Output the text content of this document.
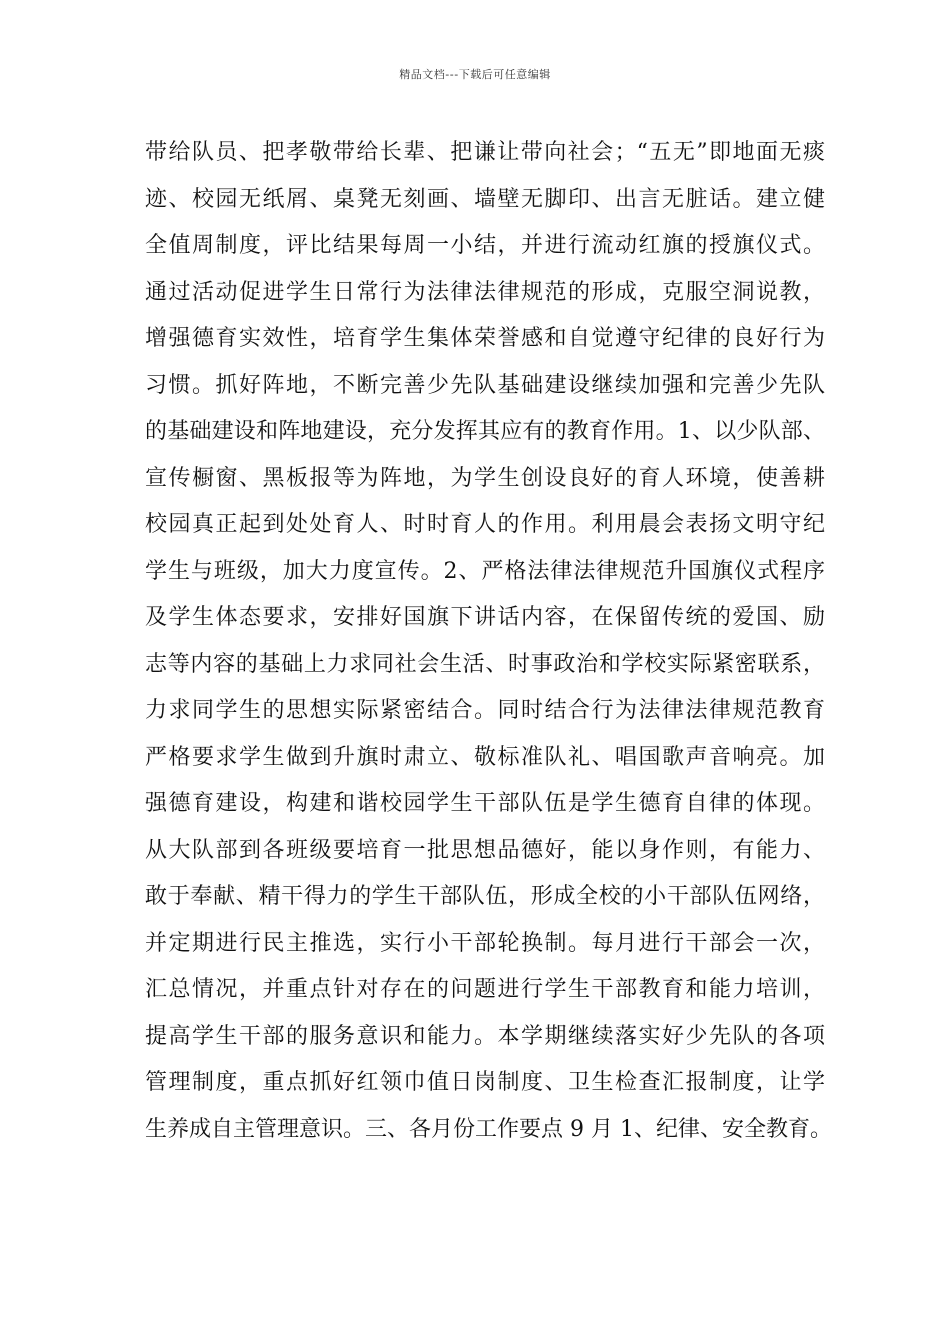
精品文档---下载后可任意编辑
带给队员、把孝敬带给长辈、把谦让带向社会；“五无”即地面无痰
迹、校园无纸屑、桌凳无刻画、墙壁无脚印、出言无脏话。建立健
全值周制度，评比结果每周一小结，并进行流动红旗的授旗仪式。
通过活动促进学生日常行为法律法律规范的形成，克服空洞说教，
增强德育实效性，培育学生集体荣誉感和自觉遵守纪律的良好行为
习惯。抓好阵地，不断完善少先队基础建设继续加强和完善少先队
的基础建设和阵地建设，充分发挥其应有的教育作用。1、以少队部、
宣传橱窗、黑板报等为阵地，为学生创设良好的育人环境，使善耕
校园真正起到处处育人、时时育人的作用。利用晨会表扬文明守纪
学生与班级，加大力度宣传。2、严格法律法律规范升国旗仪式程序
及学生体态要求，安排好国旗下讲话内容，在保留传统的爱国、励
志等内容的基础上力求同社会生活、时事政治和学校实际紧密联系，
力求同学生的思想实际紧密结合。同时结合行为法律法律规范教育
严格要求学生做到升旗时肃立、敬标准队礼、唱国歌声音响亮。加
强德育建设，构建和谐校园学生干部队伍是学生德育自律的体现。
从大队部到各班级要培育一批思想品德好，能以身作则，有能力、
敢于奉献、精干得力的学生干部队伍，形成全校的小干部队伍网络，
并定期进行民主推选，实行小干部轮换制。每月进行干部会一次，
汇总情况，并重点针对存在的问题进行学生干部教育和能力培训，
提高学生干部的服务意识和能力。本学期继续落实好少先队的各项
管理制度，重点抓好红领巾值日岗制度、卫生检查汇报制度，让学
生养成自主管理意识。三、各月份工作要点 9 月 1、纪律、安全教育。
